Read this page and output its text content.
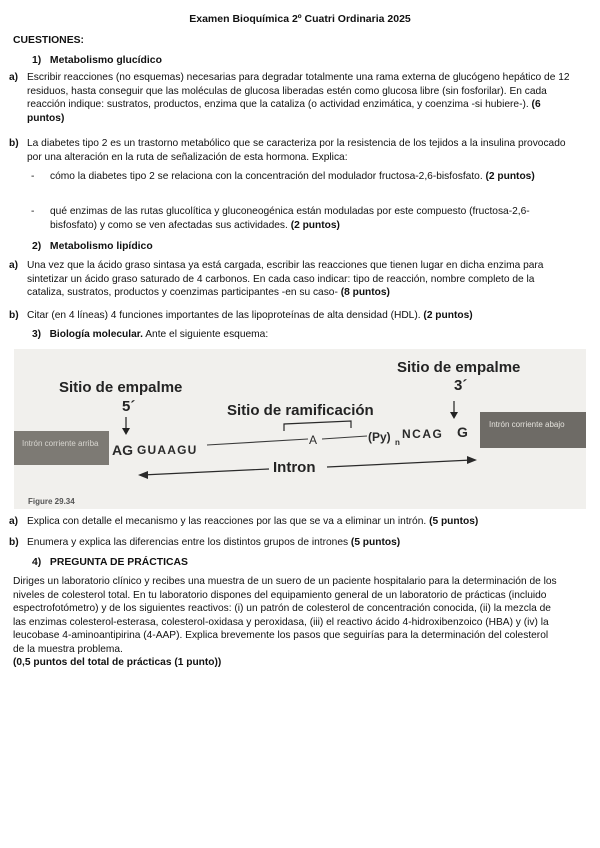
Examen Bioquímica 2º Cuatri Ordinaria 2025
CUESTIONES:
1) Metabolismo glucídico
a) Escribir reacciones (no esquemas) necesarias para degradar totalmente una rama externa de glucógeno hepático de 12 residuos, hasta conseguir que las moléculas de glucosa liberadas estén como glucosa libre (sin fosforilar). En cada reacción indique: sustratos, productos, enzima que la cataliza (o actividad enzimática, y coenzima -si hubiere-). (6 puntos)
b) La diabetes tipo 2 es un trastorno metabólico que se caracteriza por la resistencia de los tejidos a la insulina provocado por una alteración en la ruta de señalización de esta hormona. Explica:
-	cómo la diabetes tipo 2 se relaciona con la concentración del modulador fructosa-2,6-bisfosfato. (2 puntos)
-	qué enzimas de las rutas glucolítica y gluconeogénica están moduladas por este compuesto (fructosa-2,6-bisfosfato) y como se ven afectadas sus actividades. (2 puntos)
2) Metabolismo lipídico
a) Una vez que la ácido graso sintasa ya está cargada, escribir las reacciones que tienen lugar en dicha enzima para sintetizar un ácido graso saturado de 4 carbonos. En cada caso indicar: tipo de reacción, nombre completo de la cataliza, sustratos, productos y coenzimas participantes -en su caso- (8 puntos)
b) Citar (en 4 líneas) 4 funciones importantes de las lipoproteínas de alta densidad (HDL). (2 puntos)
3) Biología molecular. Ante el siguiente esquema:
Intrón corriente arriba
Intrón corriente abajo
Sitio de empalme
5´
AG GUAAGU
Sitio de ramificación
A	(Py) n
NCAG G
Sitio de empalme
3´
Intron
Figure 29.34
a) Explica con detalle el mecanismo y las reacciones por las que se va a eliminar un intrón. (5 puntos)
b) Enumera y explica las diferencias entre los distintos grupos de intrones (5 puntos)
4) PREGUNTA DE PRÁCTICAS
Diriges un laboratorio clínico y recibes una muestra de un suero de un paciente hospitalario para la determinación de los niveles de colesterol total. En tu laboratorio dispones del equipamiento general de un laboratorio de prácticas (incluido espectrofotómetro) y de los siguientes reactivos: (i) un patrón de colesterol de concentración conocida, (ii) la mezcla de las enzimas colesterol-esterasa, colesterol-oxidasa y peroxidasa, (iii) el reactivo ácido 4-hidroxibenzoico (HBA) y (iv) la leucobase 4-aminoantipirina (4-AAP). Explica brevemente los pasos que seguirías para la determinación del colesterol de la muestra problema.
(0,5 puntos del total de prácticas (1 punto))
